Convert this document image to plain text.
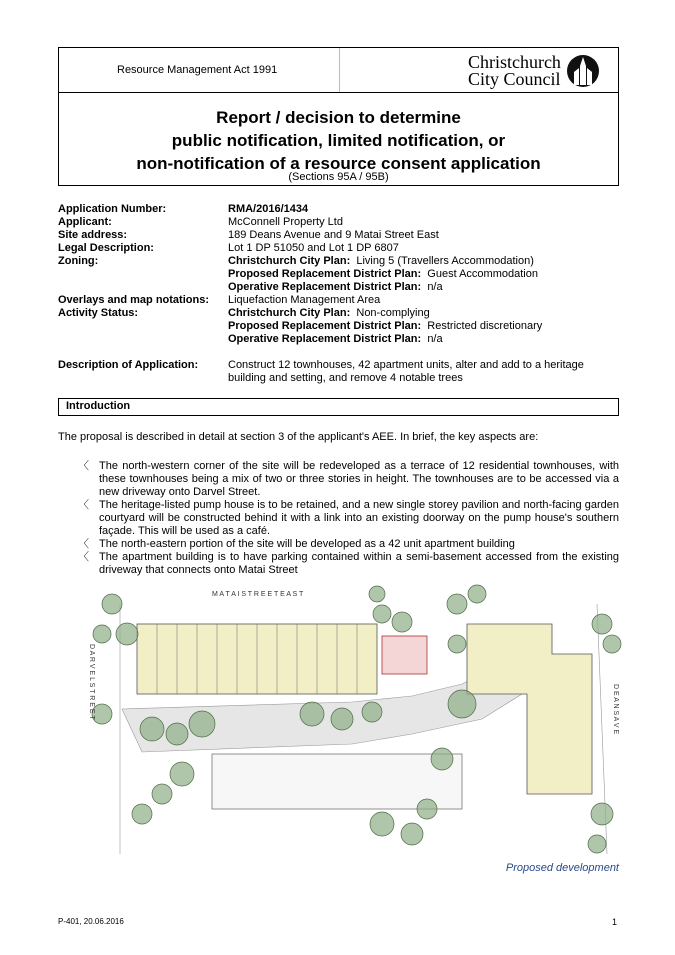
Resource Management Act 1991	Christchurch
City Council

Report / decision to determine
public notification, limited notification, or
non-notification of a resource consent application
(Sections 95A / 95B)
Application Number:	RMA/2016/1434
Applicant:	McConnell Property Ltd
Site address:	189 Deans Avenue and 9 Matai Street East
Legal Description:	Lot 1 DP 51050 and Lot 1 DP 6807
Zoning:	Christchurch City Plan: Living 5 (Travellers Accommodation)
Proposed Replacement District Plan: Guest Accommodation
Operative Replacement District Plan: n/a
Overlays and map notations:	Liquefaction Management Area
Activity Status:	Christchurch City Plan: Non-complying
Proposed Replacement District Plan: Restricted discretionary
Operative Replacement District Plan: n/a
Description of Application:	Construct 12 townhouses, 42 apartment units, alter and add to a heritage building and setting, and remove 4 notable trees
Introduction
The proposal is described in detail at section 3 of the applicant's AEE. In brief, the key aspects are:
〈 The north-western corner of the site will be redeveloped as a terrace of 12 residential townhouses, with these townhouses being a mix of two or three stories in height. The townhouses are to be accessed via a new driveway onto Darvel Street.
〈 The heritage-listed pump house is to be retained, and a new single storey pavilion and north-facing garden courtyard will be constructed behind it with a link into an existing doorway on the pump house's southern façade. This will be used as a café.
〈 The north-eastern portion of the site will be developed as a 42 unit apartment building
〈 The apartment building is to have parking contained within a semi-basement accessed from the existing driveway that connects onto Matai Street
M A T A I S T R E E T E A S T
D A R V E L S T R E E T	D E A N S A V E
Proposed development
P-401, 20.06.2016	1
